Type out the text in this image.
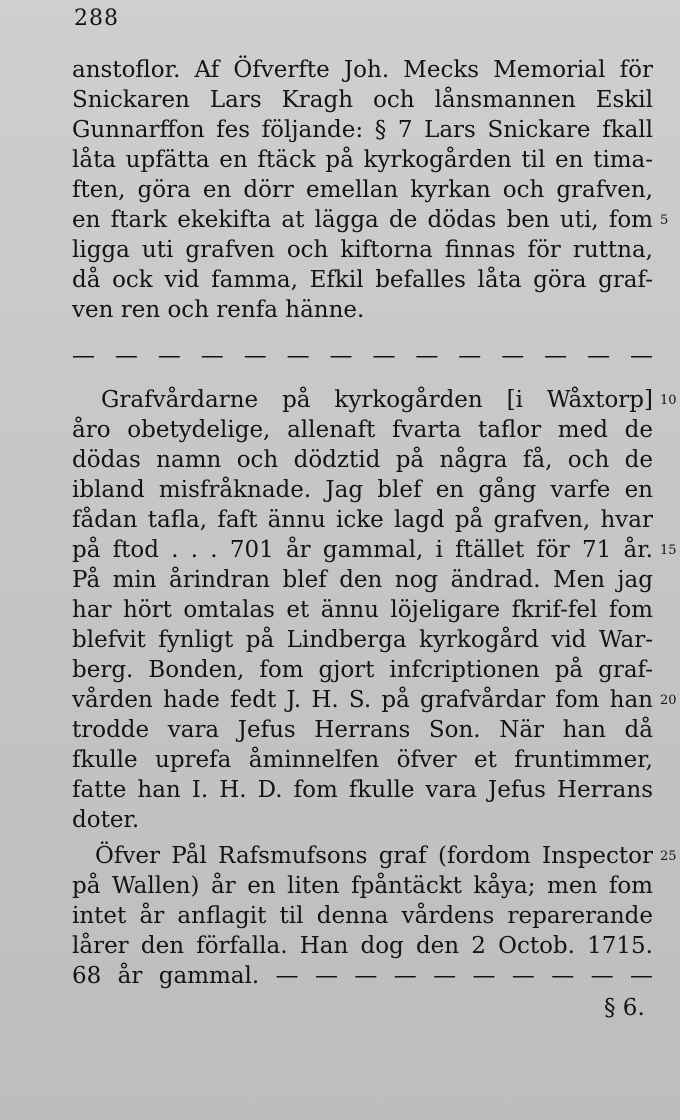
288
anstoflor. Af Öfverfte Joh. Mecks Memorial för
Snickaren Lars Kragh och lånsmannen Eskil
Gunnarffon fes följande: § 7 Lars Snickare fkall
låta upfätta en ftäck på kyrkogården til en tima-
ften, göra en dörr emellan kyrkan och grafven,
en ftark ekekifta at lägga de dödas ben uti, fom
ligga uti grafven och kiftorna finnas för ruttna,
då ock vid famma, Efkil befalles låta göra graf-
ven ren och renfa hänne.
— — — — — — — — — — — — — —
Grafvårdarne på kyrkogården [i Wåxtorp]
åro obetydelige, allenaft fvarta taflor med de
dödas namn och dödztid på några få, och de
ibland misfråknade. Jag blef en gång varfe en
fådan tafla, faft ännu icke lagd på grafven, hvar
på ftod . . . 701 år gammal, i ftället för 71 år.
På min årindran blef den nog ändrad. Men jag
har hört omtalas et ännu löjeligare fkrif-fel fom
blefvit fynligt på Lindberga kyrkogård vid War-
berg. Bonden, fom gjort infcriptionen på graf-
vården hade fedt J. H. S. på grafvårdar fom han
trodde vara Jefus Herrans Son. När han då
fkulle uprefa åminnelfen öfver et fruntimmer,
fatte han I. H. D. fom fkulle vara Jefus Herrans
doter.
Öfver Pål Rafsmufsons graf (fordom Inspector
på Wallen) år en liten fpåntäckt kåya; men fom
intet år anflagit til denna vårdens reparerande
lårer den förfalla. Han dog den 2 Octob. 1715.
68 år gammal. — — — — — — — — — —
5
10
15
20
25
§ 6.
